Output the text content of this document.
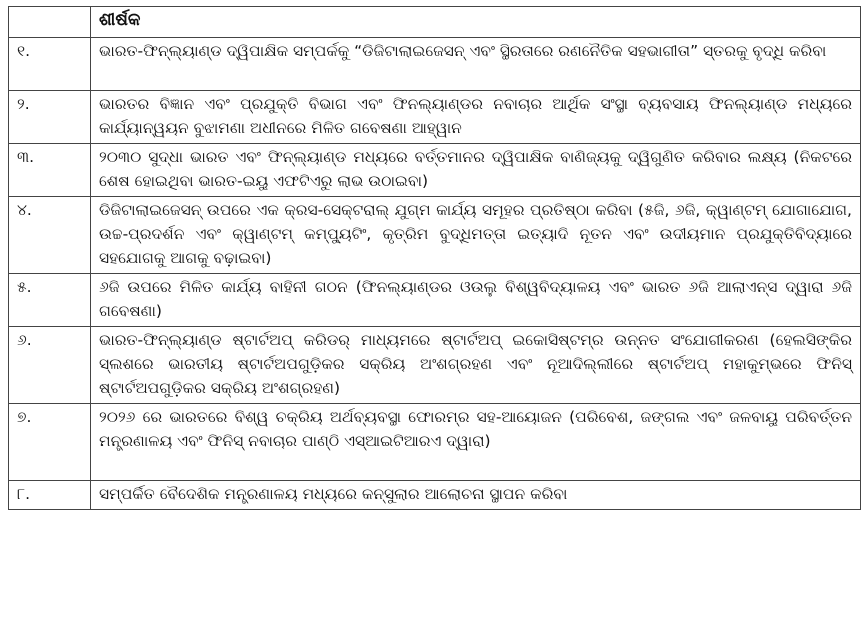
	ଶୀର୍ଷକ
୧.	ଭାରତ-ଫିନ୍‌ଲ୍ୟାଣ୍ଡ ଦ୍ୱିପାକ୍ଷିକ ସମ୍ପର୍କକୁ “ଡିଜିଟାଲାଇଜେସନ୍ ଏବଂ ସ୍ଥିରତାରେ ରଣନୈତିକ ସହଭାଗୀତା” ସ୍ତରକୁ ବୃଦ୍ଧି କରିବା
୨.	ଭାରତର ବିଜ୍ଞାନ ଏବଂ ପ୍ରଯୁକ୍ତି ବିଭାଗ ଏବଂ ଫିନଲ୍ୟାଣ୍ଡର ନବାଚାର ଆର୍ଥିକ ସଂସ୍ଥା ବ୍ୟବସାୟ ଫିନଲ୍ୟାଣ୍ଡ ମଧ୍ୟରେ କାର୍ଯ୍ୟାନ୍ୱୟନ ବୁଝାମଣା ଅଧୀନରେ ମିଳିତ ଗବେଷଣା ଆହ୍ୱାନ
୩.	୨୦୩୦ ସୁଦ୍ଧା ଭାରତ ଏବଂ ଫିନ୍‌ଲ୍ୟାଣ୍ଡ ମଧ୍ୟରେ ବର୍ତ୍ତମାନର ଦ୍ୱିପାକ୍ଷିକ ବାଣିଜ୍ୟକୁ ଦ୍ୱିଗୁଣିତ କରିବାର ଲକ୍ଷ୍ୟ (ନିକଟରେ ଶେଷ ହୋଇଥିବା ଭାରତ-ଇୟୁ ଏଫଟିଏରୁ ଲାଭ ଉଠାଇବା)
୪.	ଡିଜିଟାଲାଇଜେସନ୍ ଉପରେ ଏକ କ୍ରସ-ସେକ୍ଟରାଲ୍ ଯୁଗ୍ମ କାର୍ଯ୍ୟ ସମୂହର ପ୍ରତିଷ୍ଠା କରିବା (୫ଜି, ୬ଜି, କ୍ୱାଣ୍ଟମ୍ ଯୋଗାଯୋଗ, ଉଚ୍ଚ-ପ୍ରଦର୍ଶନ ଏବଂ କ୍ୱାଣ୍ଟମ୍ କମ୍ପ୍ୟୁଟିଂ, କୃତ୍ରିମ ବୁଦ୍ଧିମତ୍ତା ଇତ୍ୟାଦି ନୂତନ ଏବଂ ଉଦୀୟମାନ ପ୍ରଯୁକ୍ତିବିଦ୍ୟାରେ ସହଯୋଗକୁ ଆଗକୁ ବଢ଼ାଇବା)
୫.	୬ଜି ଉପରେ ମିଳିତ କାର୍ଯ୍ୟ ବାହିନୀ ଗଠନ (ଫିନଲ୍ୟାଣ୍ଡର ଓଉଲୁ ବିଶ୍ୱବିଦ୍ୟାଳୟ ଏବଂ ଭାରତ ୬ଜି ଆଲାଏନ୍ସ ଦ୍ୱାରା ୬ଜି ଗବେଷଣା)
୬.	ଭାରତ-ଫିନ୍‌ଲ୍ୟାଣ୍ଡ ଷ୍ଟାର୍ଟଅପ୍ କରିଡର୍ ମାଧ୍ୟମରେ ଷ୍ଟାର୍ଟଅପ୍ ଇକୋସିଷ୍ଟମ୍‌ର ଉନ୍ନତ ସଂଯୋଗୀକରଣ (ହେଲସିଙ୍କିର ସ୍ଲଶରେ ଭାରତୀୟ ଷ୍ଟାର୍ଟଅପଗୁଡ଼ିକର ସକ୍ରିୟ ଅଂଶଗ୍ରହଣ ଏବଂ ନୂଆଦିଲ୍ଲୀରେ ଷ୍ଟାର୍ଟଅପ୍ ମହାକୁମ୍ଭରେ ଫିନିସ୍ ଷ୍ଟାର୍ଟଅପଗୁଡ଼ିକର ସକ୍ରିୟ ଅଂଶଗ୍ରହଣ)
୭.	୨୦୨୬ ରେ ଭାରତରେ ବିଶ୍ୱ ଚକ୍ରିୟ ଅର୍ଥବ୍ୟବସ୍ଥା ଫୋରମ୍‌ର ସହ-ଆୟୋଜନ (ପରିବେଶ, ଜଙ୍ଗଲ ଏବଂ ଜଳବାୟୁ ପରିବର୍ତ୍ତନ ମନ୍ତ୍ରଣାଳୟ ଏବଂ ଫିନିସ୍ ନବାଚାର ପାଣ୍ଠି ଏସ୍‌ଆଇଟିଆରଏ ଦ୍ୱାରା)
୮.	ସମ୍ପର୍କିତ ବୈଦେଶିକ ମନ୍ତ୍ରଣାଳୟ ମଧ୍ୟରେ କନ୍‌ସୁଲାର ଆଲୋଚନା ସ୍ଥାପନ କରିବା
